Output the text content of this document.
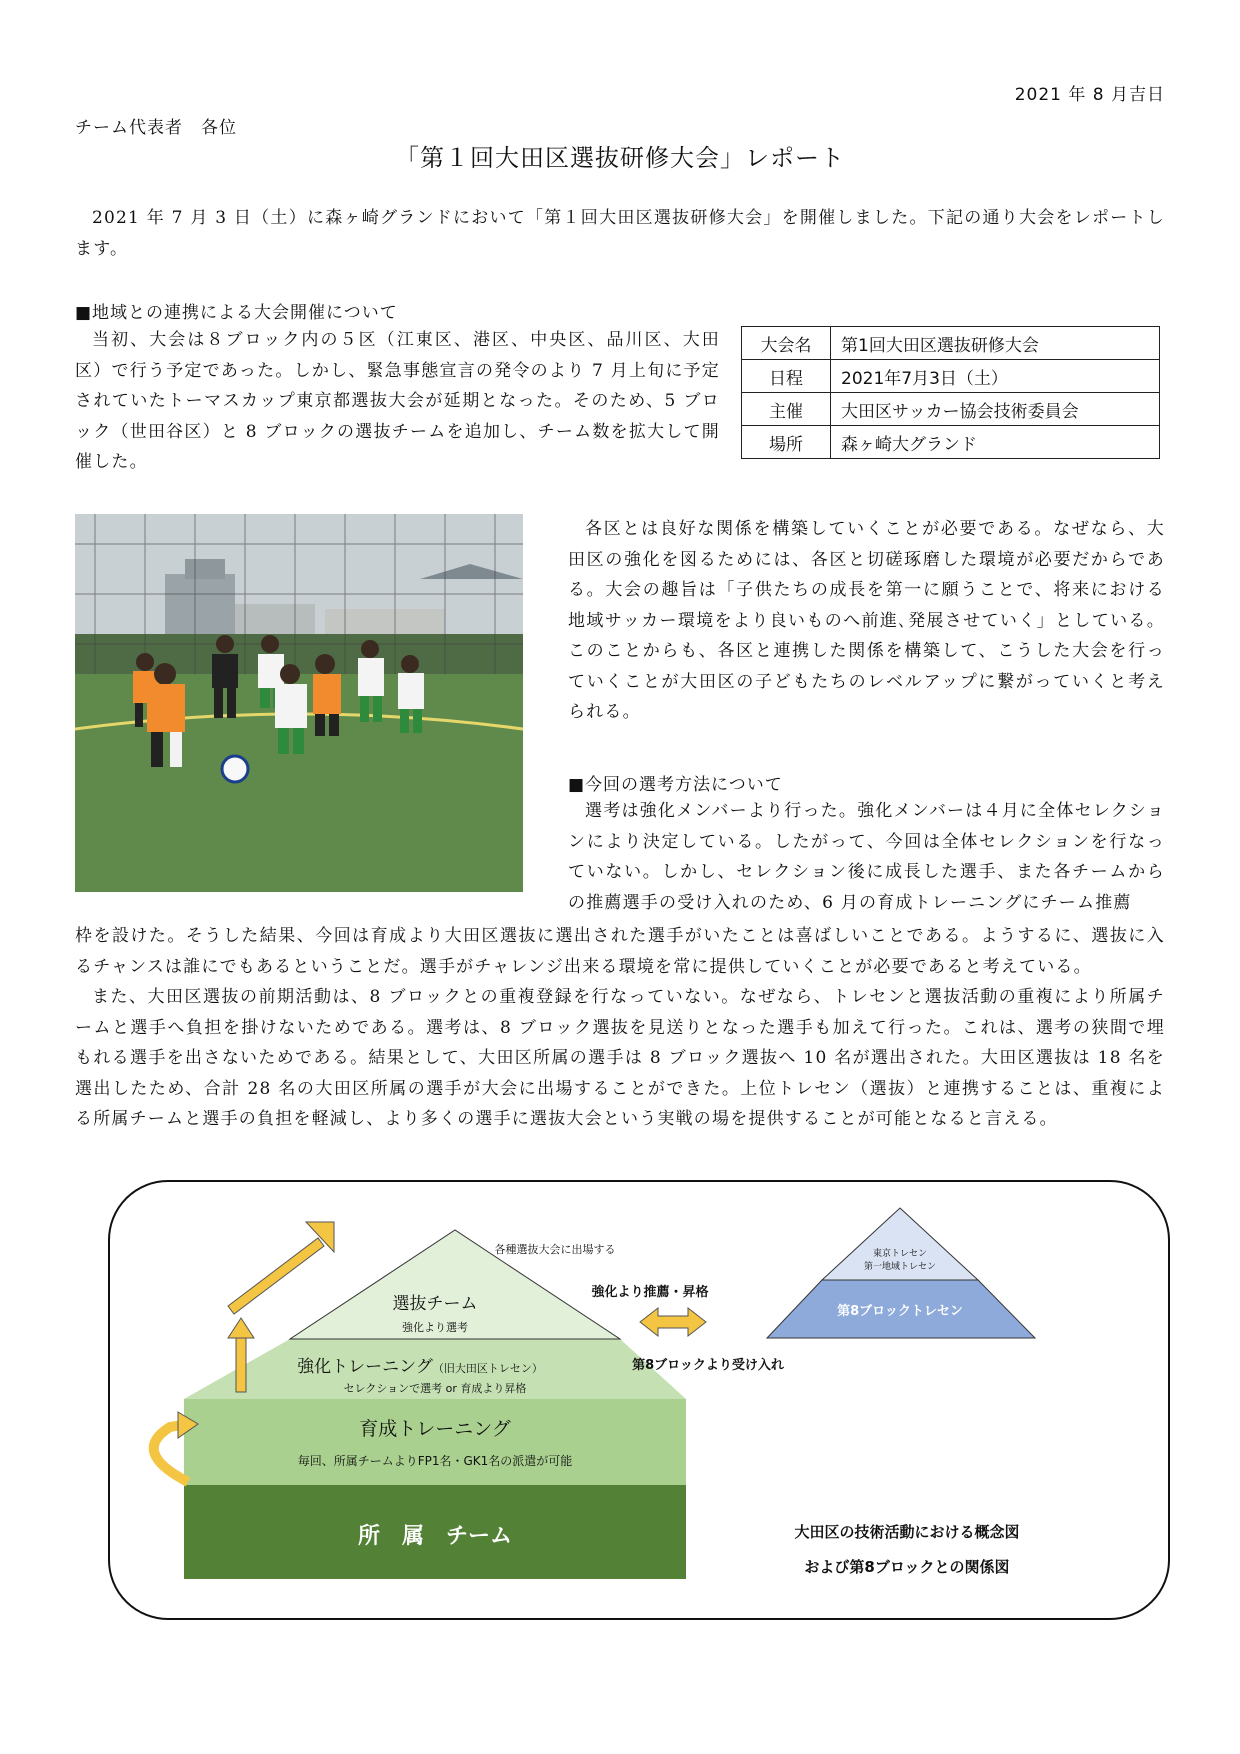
2021 年 8 月吉日
チーム代表者　各位
「第１回大田区選抜研修大会」レポート

2021 年 7 月 3 日（土）に森ヶ崎グランドにおいて「第１回大田区選抜研修大会」を開催しました。下記の通り大会をレポートします。

■地域との連携による大会開催について

当初、大会は８ブロック内の５区（江東区、港区、中央区、品川区、大田区）で行う予定であった。しかし、緊急事態宣言の発令のより 7 月上旬に予定されていたトーマスカップ東京都選抜大会が延期となった。そのため、5 ブロック（世田谷区）と 8 ブロックの選抜チームを追加し、チーム数を拡大して開催した。

大会名	第1回大田区選抜研修大会
日程	2021年7月3日（土）
主催	大田区サッカー協会技術委員会
場所	森ヶ崎大グランド

各区とは良好な関係を構築していくことが必要である。なぜなら、大田区の強化を図るためには、各区と切磋琢磨した環境が必要だからである。大会の趣旨は「子供たちの成長を第一に願うことで、将来における地域サッカー環境をより良いものへ前進､発展させていく」としている。このことからも、各区と連携した関係を構築して、こうした大会を行っていくことが大田区の子どもたちのレベルアップに繋がっていくと考えられる。

■今回の選考方法について

選考は強化メンバーより行った。強化メンバーは４月に全体セレクションにより決定している。したがって、今回は全体セレクションを行なっていない。しかし、セレクション後に成長した選手、また各チームからの推薦選手の受け入れのため、6 月の育成トレーニングにチーム推薦

枠を設けた。そうした結果、今回は育成より大田区選抜に選出された選手がいたことは喜ばしいことである。ようするに、選抜に入るチャンスは誰にでもあるということだ。選手がチャレンジ出来る環境を常に提供していくことが必要であると考えている。

また、大田区選抜の前期活動は、8 ブロックとの重複登録を行なっていない。なぜなら、トレセンと選抜活動の重複により所属チームと選手へ負担を掛けないためである。選考は、8 ブロック選抜を見送りとなった選手も加えて行った。これは、選考の狭間で埋もれる選手を出さないためである。結果として、大田区所属の選手は 8 ブロック選抜へ 10 名が選出された。大田区選抜は 18 名を選出したため、合計 28 名の大田区所属の選手が大会に出場することができた。上位トレセン（選抜）と連携することは、重複による所属チームと選手の負担を軽減し、より多くの選手に選抜大会という実戦の場を提供することが可能となると言える。

所　属　チーム
育成トレーニング
毎回、所属チームよりFP1名・GK1名の派遣が可能
強化トレーニング（旧大田区トレセン）
セレクションで選考 or 育成より昇格
選抜チーム
強化より選考
各種選抜大会に出場する
強化より推薦・昇格
第8ブロックより受け入れ
東京トレセン
第一地域トレセン
第8ブロックトレセン
大田区の技術活動における概念図
および第8ブロックとの関係図
